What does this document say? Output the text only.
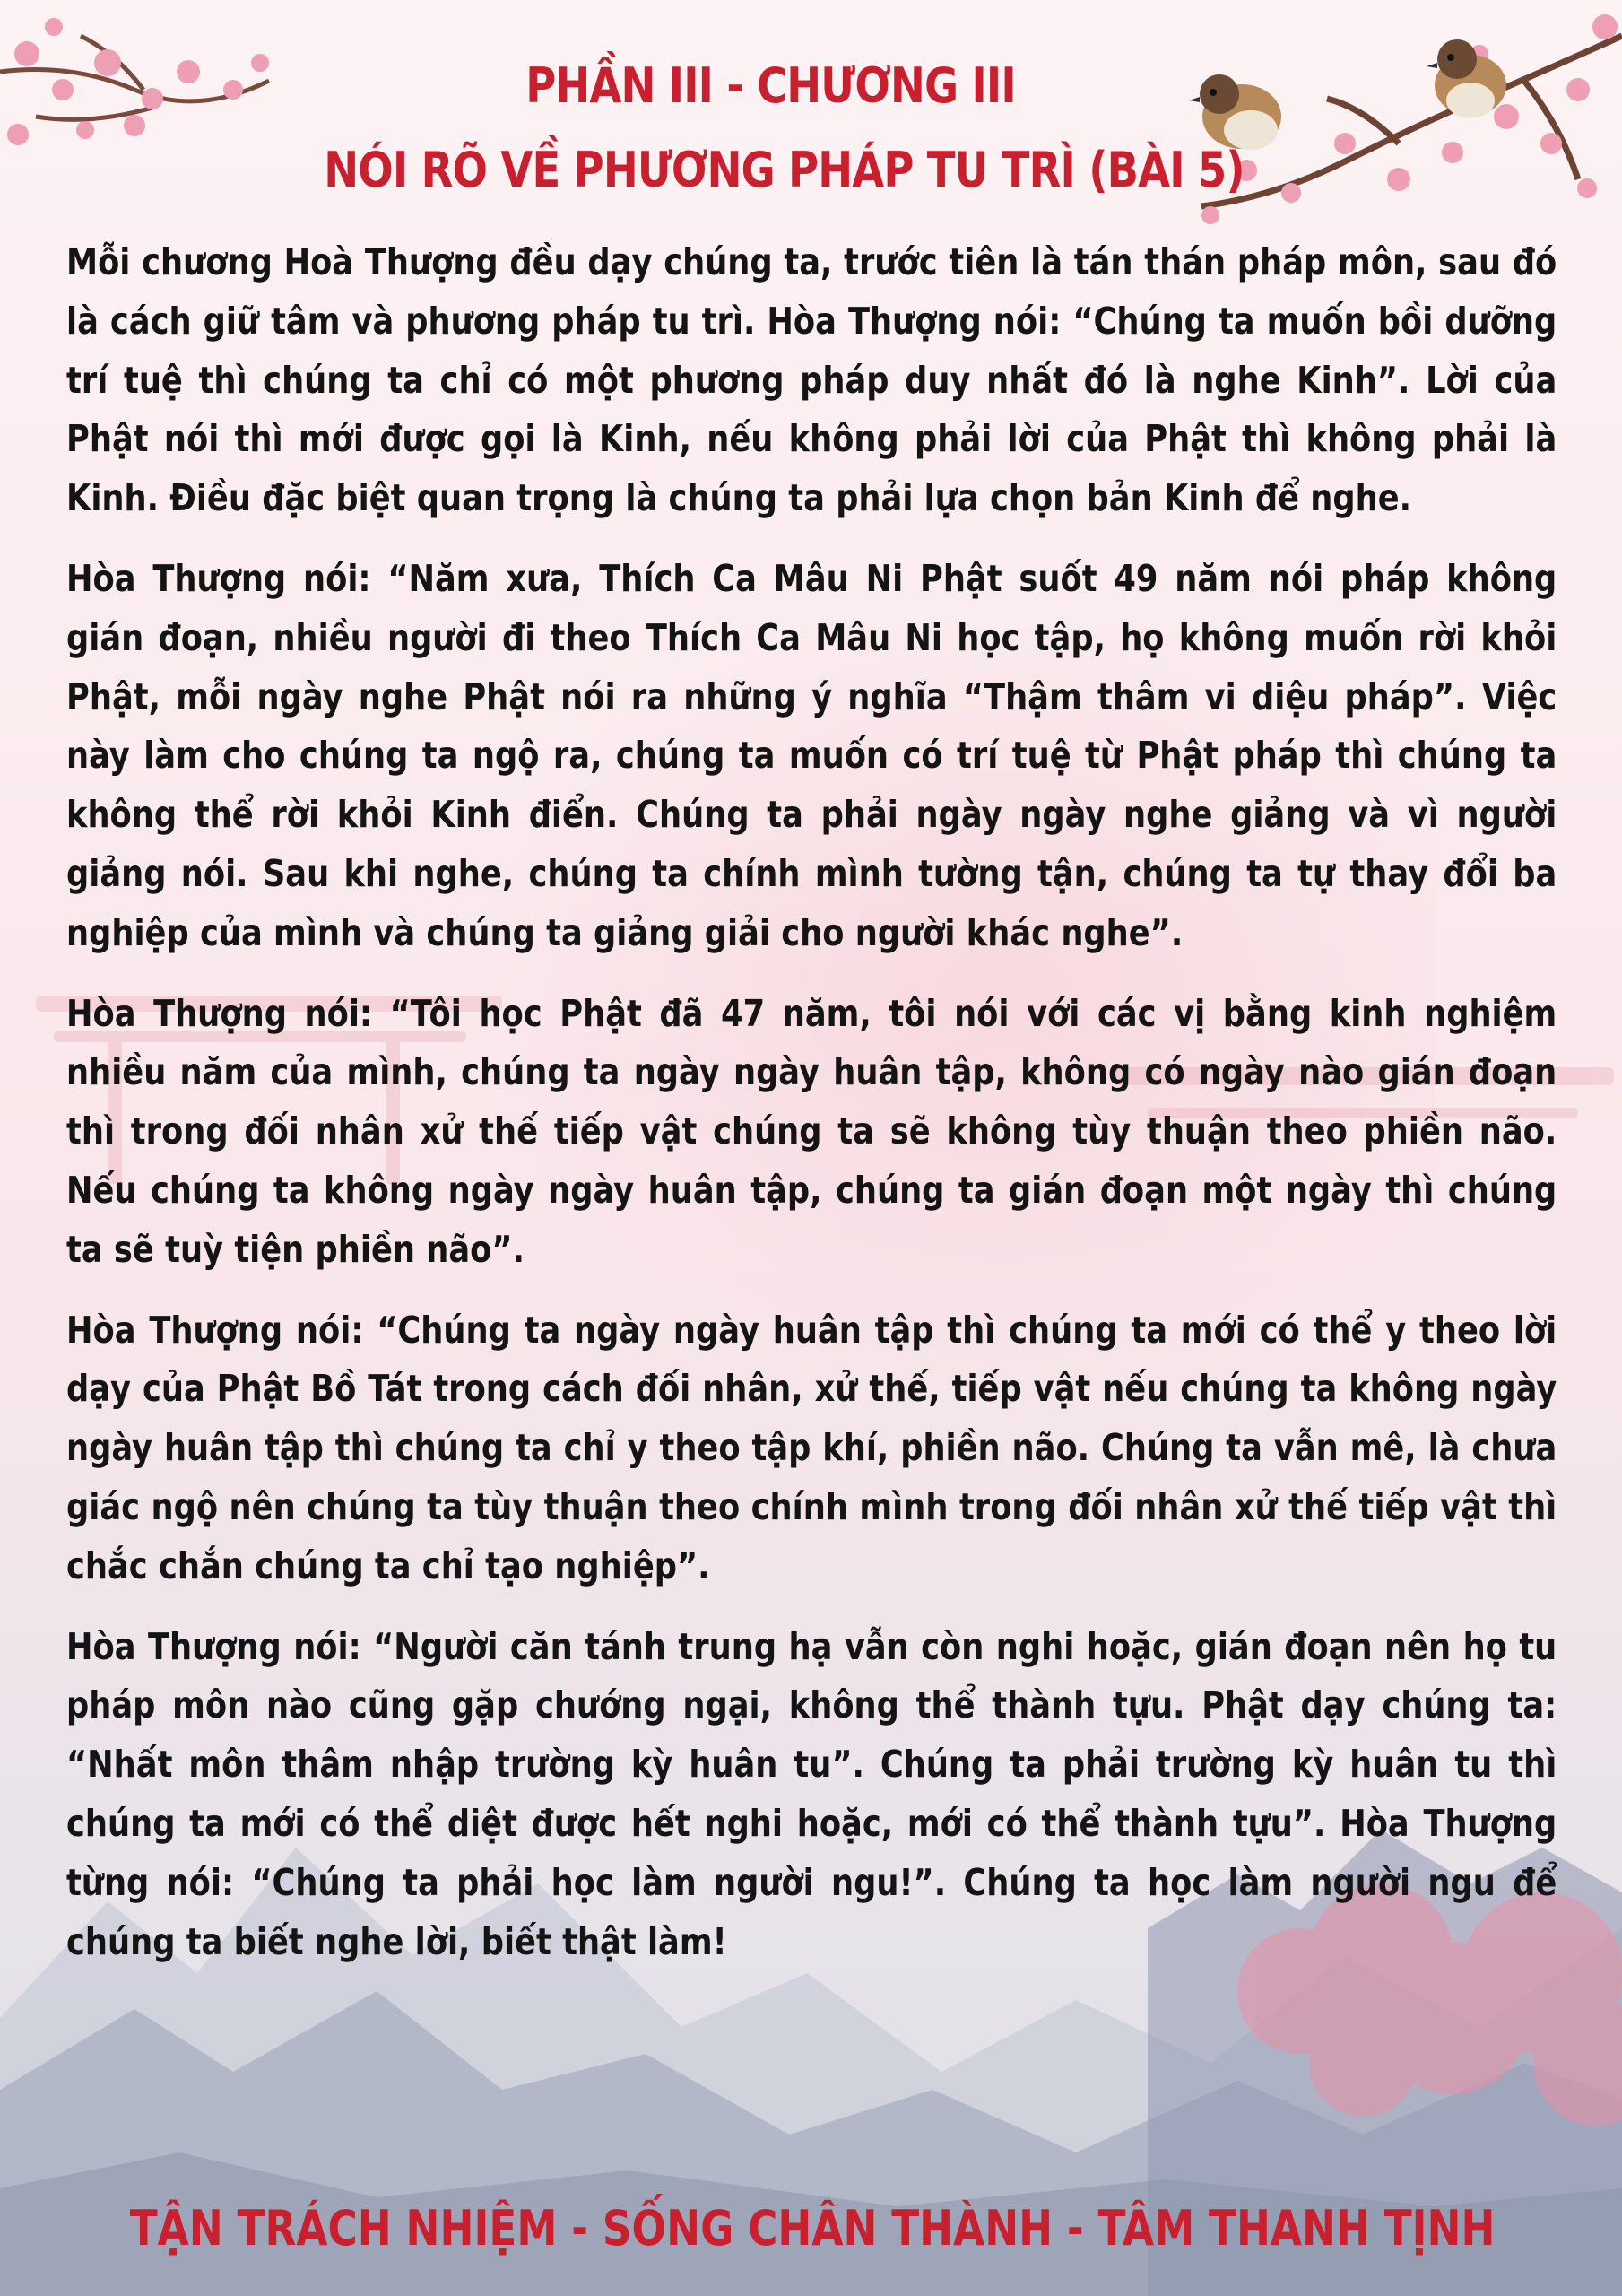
PHẦN III - CHƯƠNG III
NÓI RÕ VỀ PHƯƠNG PHÁP TU TRÌ (BÀI 5)

Mỗi chương Hoà Thượng đều dạy chúng ta, trước tiên là tán thán pháp môn, sau đó là cách giữ tâm và phương pháp tu trì. Hòa Thượng nói: “Chúng ta muốn bồi dưỡng trí tuệ thì chúng ta chỉ có một phương pháp duy nhất đó là nghe Kinh”. Lời của Phật nói thì mới được gọi là Kinh, nếu không phải lời của Phật thì không phải là Kinh. Điều đặc biệt quan trọng là chúng ta phải lựa chọn bản Kinh để nghe.

Hòa Thượng nói: “Năm xưa, Thích Ca Mâu Ni Phật suốt 49 năm nói pháp không gián đoạn, nhiều người đi theo Thích Ca Mâu Ni học tập, họ không muốn rời khỏi Phật, mỗi ngày nghe Phật nói ra những ý nghĩa “Thậm thâm vi diệu pháp”. Việc này làm cho chúng ta ngộ ra, chúng ta muốn có trí tuệ từ Phật pháp thì chúng ta không thể rời khỏi Kinh điển. Chúng ta phải ngày ngày nghe giảng và vì người giảng nói. Sau khi nghe, chúng ta chính mình tường tận, chúng ta tự thay đổi ba nghiệp của mình và chúng ta giảng giải cho người khác nghe”.

Hòa Thượng nói: “Tôi học Phật đã 47 năm, tôi nói với các vị bằng kinh nghiệm nhiều năm của mình, chúng ta ngày ngày huân tập, không có ngày nào gián đoạn thì trong đối nhân xử thế tiếp vật chúng ta sẽ không tùy thuận theo phiền não. Nếu chúng ta không ngày ngày huân tập, chúng ta gián đoạn một ngày thì chúng ta sẽ tuỳ tiện phiền não”.

Hòa Thượng nói: “Chúng ta ngày ngày huân tập thì chúng ta mới có thể y theo lời dạy của Phật Bồ Tát trong cách đối nhân, xử thế, tiếp vật nếu chúng ta không ngày ngày huân tập thì chúng ta chỉ y theo tập khí, phiền não. Chúng ta vẫn mê, là chưa giác ngộ nên chúng ta tùy thuận theo chính mình trong đối nhân xử thế tiếp vật thì chắc chắn chúng ta chỉ tạo nghiệp”.

Hòa Thượng nói: “Người căn tánh trung hạ vẫn còn nghi hoặc, gián đoạn nên họ tu pháp môn nào cũng gặp chướng ngại, không thể thành tựu. Phật dạy chúng ta: “Nhất môn thâm nhập trường kỳ huân tu”. Chúng ta phải trường kỳ huân tu thì chúng ta mới có thể diệt được hết nghi hoặc, mới có thể thành tựu”. Hòa Thượng từng nói: “Chúng ta phải học làm người ngu!”. Chúng ta học làm người ngu để chúng ta biết nghe lời, biết thật làm!

TẬN TRÁCH NHIỆM - SỐNG CHÂN THÀNH - TÂM THANH TỊNH
